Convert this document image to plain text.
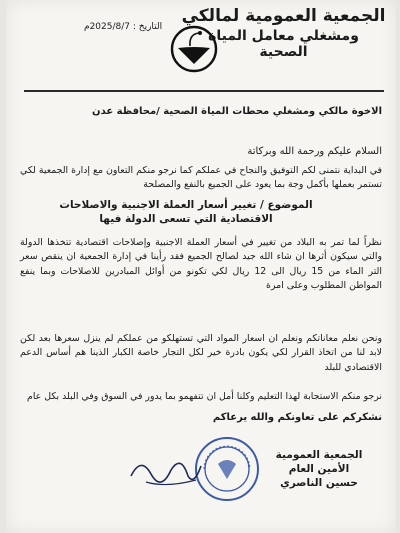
الجمعية العمومية لمالكي
ومشغلي معامل المياة
الصحية
التاريخ : 2025/8/7م
الاخوة مالكي ومشغلي محطات المياة الصحية /محافظة عدن
السلام عليكم ورحمة الله وبركاتة
في البداية نتمنى لكم التوفيق والنجاح في عملكم كما نرجو منكم التعاون مع إدارة الجمعية لكي تستمر بعملها بأكمل وجة بما يعود على الجميع بالنفع والمصلحة
الموضوع / تغيير أسعار العملة الاجنبية والاصلاحات
الاقتصادية التي تسعى الدولة فيها
نظراً لما تمر به البلاد من تغيير في أسعار العملة الاجنبية وإصلاحات اقتصادية تتخذها الدولة والتي سيكون أثرها ان شاء الله جيد لصالح الجميع فقد رأينا في إدارة الجمعية ان ينقص سعر التر الماء من 15 ريال الى 12 ريال لكي تكونو من أوائل المبادرين للاصلاحات وبما ينفع المواطن المطلوب وعلى امرة
ونحن نعلم معاناتكم ونعلم ان اسعار المواد التي تستهلكو من عملكم لم ينزل سعرها بعد لكن لابد لنا من اتخاذ القرار لكي يكون بادرة خير لكل التجار خاصة الكبار الذينا هم أساس الدعم الاقتصادي للبلد
نرجو منكم الاستجابة لهذا التعليم وكلنا أمل ان تتفهمو بما يدور في السوق وفي البلد بكل عام
نشكركم على تعاونكم والله يرعاكم
الجمعية العمومية
الأمين العام
حسين الناصري
